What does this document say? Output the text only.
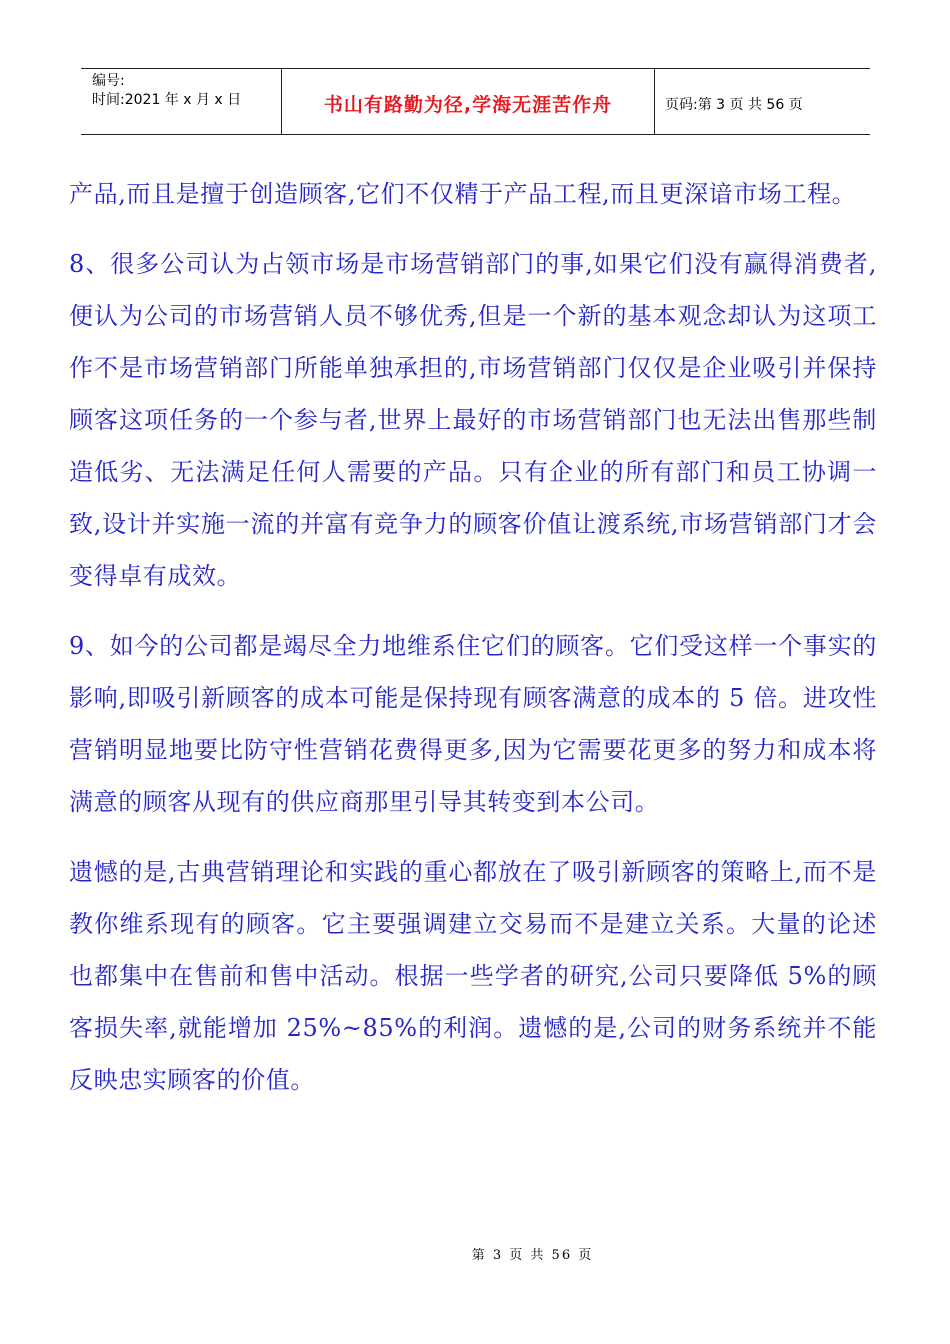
编号:
时间:2021 年 x 月 x 日	书山有路勤为径,学海无涯苦作舟	页码:第 3 页 共 56 页

产品,而且是擅于创造顾客,它们不仅精于产品工程,而且更深谙市场工程。

8、很多公司认为占领市场是市场营销部门的事,如果它们没有赢得消费者,便认为公司的市场营销人员不够优秀,但是一个新的基本观念却认为这项工作不是市场营销部门所能单独承担的,市场营销部门仅仅是企业吸引并保持顾客这项任务的一个参与者,世界上最好的市场营销部门也无法出售那些制造低劣、无法满足任何人需要的产品。只有企业的所有部门和员工协调一致,设计并实施一流的并富有竞争力的顾客价值让渡系统,市场营销部门才会变得卓有成效。

9、如今的公司都是竭尽全力地维系住它们的顾客。它们受这样一个事实的影响,即吸引新顾客的成本可能是保持现有顾客满意的成本的 5 倍。进攻性营销明显地要比防守性营销花费得更多,因为它需要花更多的努力和成本将满意的顾客从现有的供应商那里引导其转变到本公司。

遗憾的是,古典营销理论和实践的重心都放在了吸引新顾客的策略上,而不是教你维系现有的顾客。它主要强调建立交易而不是建立关系。大量的论述也都集中在售前和售中活动。根据一些学者的研究,公司只要降低 5%的顾客损失率,就能增加 25%~85%的利润。遗憾的是,公司的财务系统并不能反映忠实顾客的价值。

第 3 页 共 56 页
